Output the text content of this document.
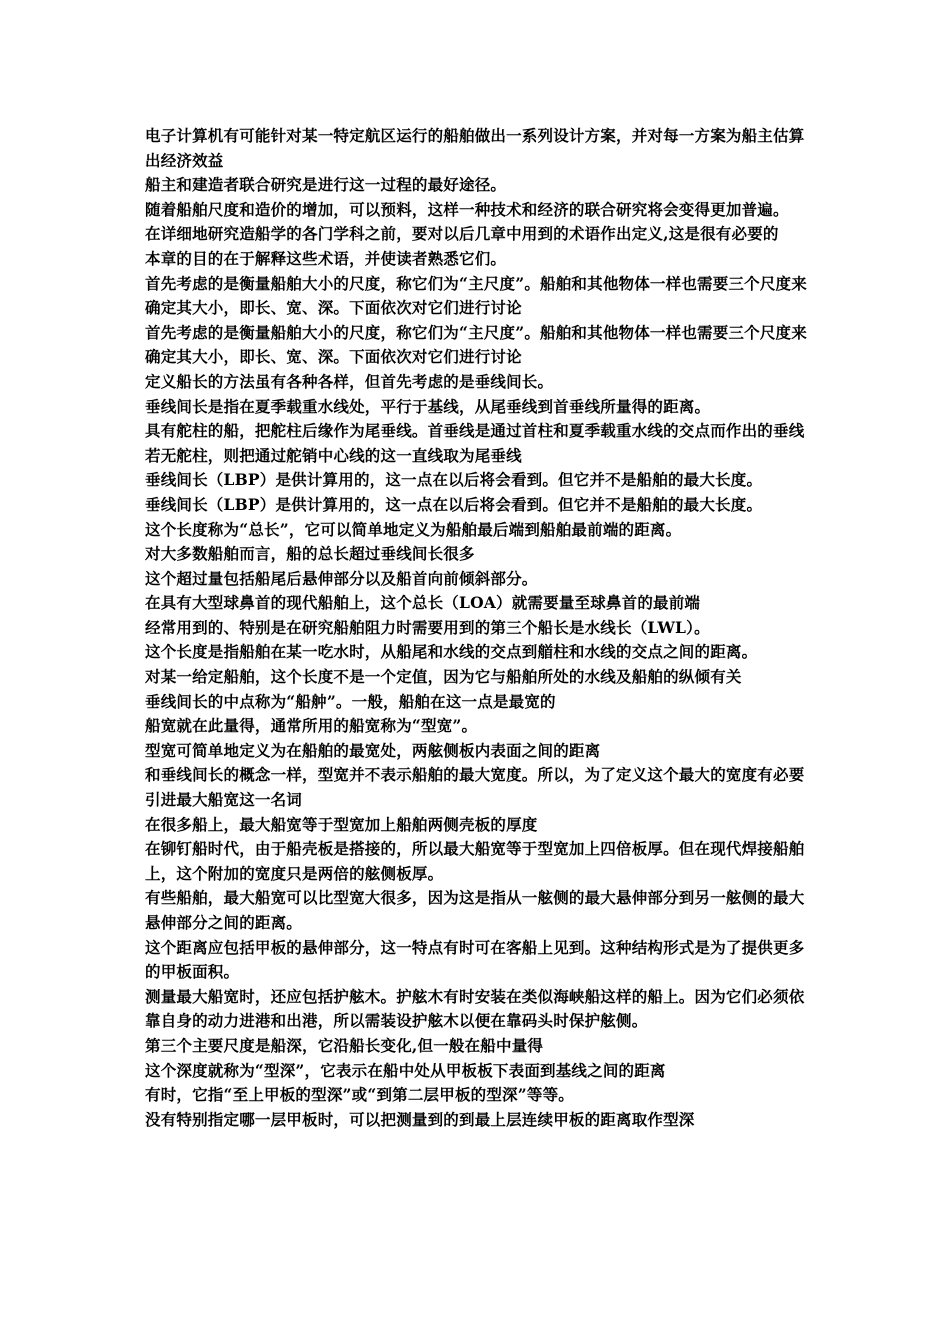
电子计算机有可能针对某一特定航区运行的船舶做出一系列设计方案，并对每一方案为船主估算出经济效益

船主和建造者联合研究是进行这一过程的最好途径。

随着船舶尺度和造价的增加，可以预料，这样一种技术和经济的联合研究将会变得更加普遍。

在详细地研究造船学的各门学科之前，要对以后几章中用到的术语作出定义,这是很有必要的

本章的目的在于解释这些术语，并使读者熟悉它们。

首先考虑的是衡量船舶大小的尺度，称它们为“主尺度”。船舶和其他物体一样也需要三个尺度来确定其大小，即长、宽、深。下面依次对它们进行讨论

首先考虑的是衡量船舶大小的尺度，称它们为“主尺度”。船舶和其他物体一样也需要三个尺度来确定其大小，即长、宽、深。下面依次对它们进行讨论

定义船长的方法虽有各种各样，但首先考虑的是垂线间长。

垂线间长是指在夏季载重水线处，平行于基线，从尾垂线到首垂线所量得的距离。

具有舵柱的船，把舵柱后缘作为尾垂线。首垂线是通过首柱和夏季载重水线的交点而作出的垂线

若无舵柱，则把通过舵销中心线的这一直线取为尾垂线

垂线间长（LBP）是供计算用的，这一点在以后将会看到。但它并不是船舶的最大长度。

垂线间长（LBP）是供计算用的，这一点在以后将会看到。但它并不是船舶的最大长度。

这个长度称为“总长”，它可以简单地定义为船舶最后端到船舶最前端的距离。

对大多数船舶而言，船的总长超过垂线间长很多

这个超过量包括船尾后悬伸部分以及船首向前倾斜部分。

在具有大型球鼻首的现代船舶上，这个总长（LOA）就需要量至球鼻首的最前端

经常用到的、特别是在研究船舶阻力时需要用到的第三个船长是水线长（LWL）。

这个长度是指船舶在某一吃水时，从船尾和水线的交点到艏柱和水线的交点之间的距离。

对某一给定船舶，这个长度不是一个定值，因为它与船舶所处的水线及船舶的纵倾有关

垂线间长的中点称为“船舯”。一般，船舶在这一点是最宽的

船宽就在此量得，通常所用的船宽称为“型宽”。

型宽可简单地定义为在船舶的最宽处，两舷侧板内表面之间的距离

和垂线间长的概念一样，型宽并不表示船舶的最大宽度。所以，为了定义这个最大的宽度有必要引进最大船宽这一名词

在很多船上，最大船宽等于型宽加上船舶两侧壳板的厚度

在铆钉船时代，由于船壳板是搭接的，所以最大船宽等于型宽加上四倍板厚。但在现代焊接船舶上，这个附加的宽度只是两倍的舷侧板厚。

有些船舶，最大船宽可以比型宽大很多，因为这是指从一舷侧的最大悬伸部分到另一舷侧的最大悬伸部分之间的距离。

这个距离应包括甲板的悬伸部分，这一特点有时可在客船上见到。这种结构形式是为了提供更多的甲板面积。

测量最大船宽时，还应包括护舷木。护舷木有时安装在类似海峡船这样的船上。因为它们必须依靠自身的动力进港和出港，所以需装设护舷木以便在靠码头时保护舷侧。

第三个主要尺度是船深，它沿船长变化,但一般在船中量得

这个深度就称为“型深”，它表示在船中处从甲板板下表面到基线之间的距离

有时，它指“至上甲板的型深”或“到第二层甲板的型深”等等。

没有特别指定哪一层甲板时，可以把测量到的到最上层连续甲板的距离取作型深
